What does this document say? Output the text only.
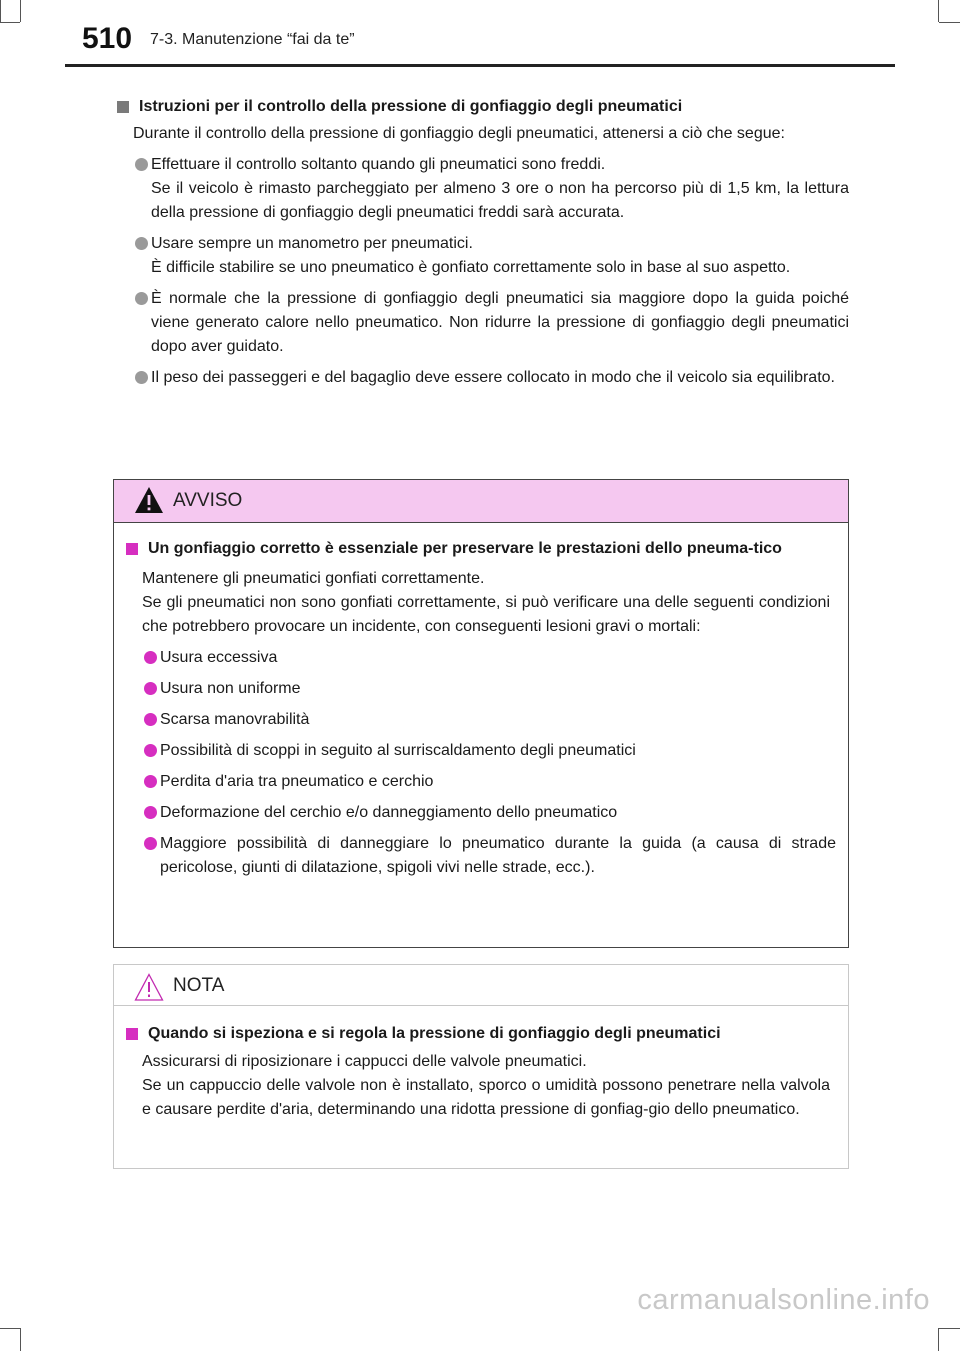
510 7-3. Manutenzione “fai da te”
Istruzioni per il controllo della pressione di gonfiaggio degli pneumatici

Durante il controllo della pressione di gonfiaggio degli pneumatici, attenersi a ciò che segue:

Effettuare il controllo soltanto quando gli pneumatici sono freddi.
Se il veicolo è rimasto parcheggiato per almeno 3 ore o non ha percorso più di 1,5 km, la lettura della pressione di gonfiaggio degli pneumatici freddi sarà accurata.
Usare sempre un manometro per pneumatici.
È difficile stabilire se uno pneumatico è gonfiato correttamente solo in base al suo aspetto.
È normale che la pressione di gonfiaggio degli pneumatici sia maggiore dopo la guida poiché viene generato calore nello pneumatico. Non ridurre la pressione di gonfiaggio degli pneumatici dopo aver guidato.
Il peso dei passeggeri e del bagaglio deve essere collocato in modo che il veicolo sia equilibrato.
AVVISO
Un gonfiaggio corretto è essenziale per preservare le prestazioni dello pneuma-tico

Mantenere gli pneumatici gonfiati correttamente.

Se gli pneumatici non sono gonfiati correttamente, si può verificare una delle seguenti condizioni che potrebbero provocare un incidente, con conseguenti lesioni gravi o mortali:

Usura eccessiva
Usura non uniforme
Scarsa manovrabilità
Possibilità di scoppi in seguito al surriscaldamento degli pneumatici
Perdita d'aria tra pneumatico e cerchio
Deformazione del cerchio e/o danneggiamento dello pneumatico
Maggiore possibilità di danneggiare lo pneumatico durante la guida (a causa di strade pericolose, giunti di dilatazione, spigoli vivi nelle strade, ecc.).
NOTA
Quando si ispeziona e si regola la pressione di gonfiaggio degli pneumatici

Assicurarsi di riposizionare i cappucci delle valvole pneumatici.

Se un cappuccio delle valvole non è installato, sporco o umidità possono penetrare nella valvola e causare perdite d'aria, determinando una ridotta pressione di gonfiag-gio dello pneumatico.

carmanualsonline.info
